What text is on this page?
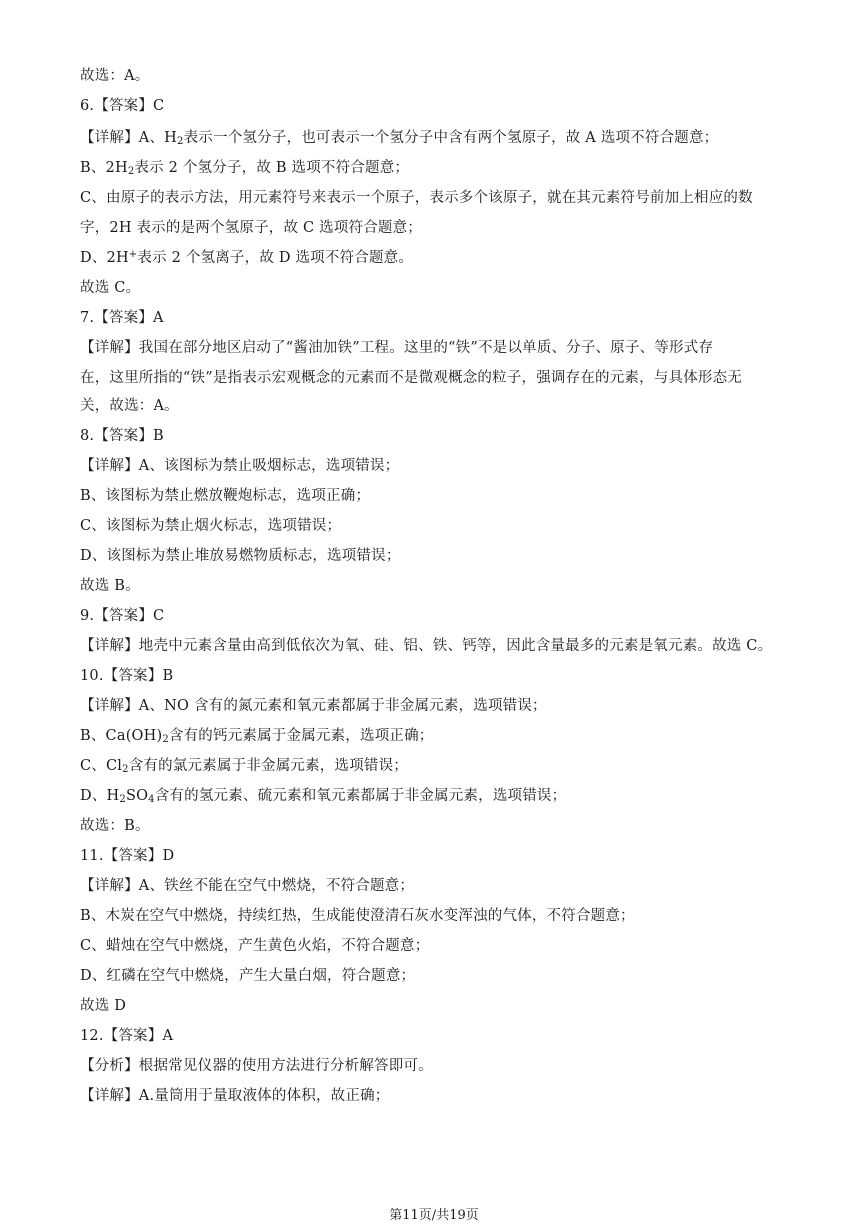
故选：A。
6.【答案】C
【详解】A、$H_2$表示一个氢分子，也可表示一个氢分子中含有两个氢原子，故 A 选项不符合题意；
B、$2H_2$表示 2 个氢分子，故 B 选项不符合题意；
C、由原子的表示方法，用元素符号来表示一个原子，表示多个该原子，就在其元素符号前加上相应的数
字，2H 表示的是两个氢原子，故 C 选项符合题意；
D、2H+表示 2 个氢离子，故 D 选项不符合题意。
故选 C。
7.【答案】A
【详解】我国在部分地区启动了“酱油加铁”工程。这里的“铁”不是以单质、分子、原子、等形式存
在，这里所指的“铁”是指表示宏观概念的元素而不是微观概念的粒子，强调存在的元素，与具体形态无
关，故选：A。
8.【答案】B
【详解】A、该图标为禁止吸烟标志，选项错误；
B、该图标为禁止燃放鞭炮标志，选项正确；
C、该图标为禁止烟火标志，选项错误；
D、该图标为禁止堆放易燃物质标志，选项错误；
故选 B。
9.【答案】C
【详解】地壳中元素含量由高到低依次为氧、硅、铝、铁、钙等，因此含量最多的元素是氧元素。故选 C。
10.【答案】B
【详解】A、NO 含有的氮元素和氧元素都属于非金属元素，选项错误；
B、$Ca(OH)_2$含有的钙元素属于金属元素，选项正确；
C、$Cl_2$含有的氯元素属于非金属元素，选项错误；
D、$H_2SO_4$含有的氢元素、硫元素和氧元素都属于非金属元素，选项错误；
故选：B。
11.【答案】D
【详解】A、铁丝不能在空气中燃烧，不符合题意；
B、木炭在空气中燃烧，持续红热，生成能使澄清石灰水变浑浊的气体，不符合题意；
C、蜡烛在空气中燃烧，产生黄色火焰，不符合题意；
D、红磷在空气中燃烧，产生大量白烟，符合题意；
故选 D
12.【答案】A
【分析】根据常见仪器的使用方法进行分析解答即可。
【详解】A.量筒用于量取液体的体积，故正确；
第11页/共19页
